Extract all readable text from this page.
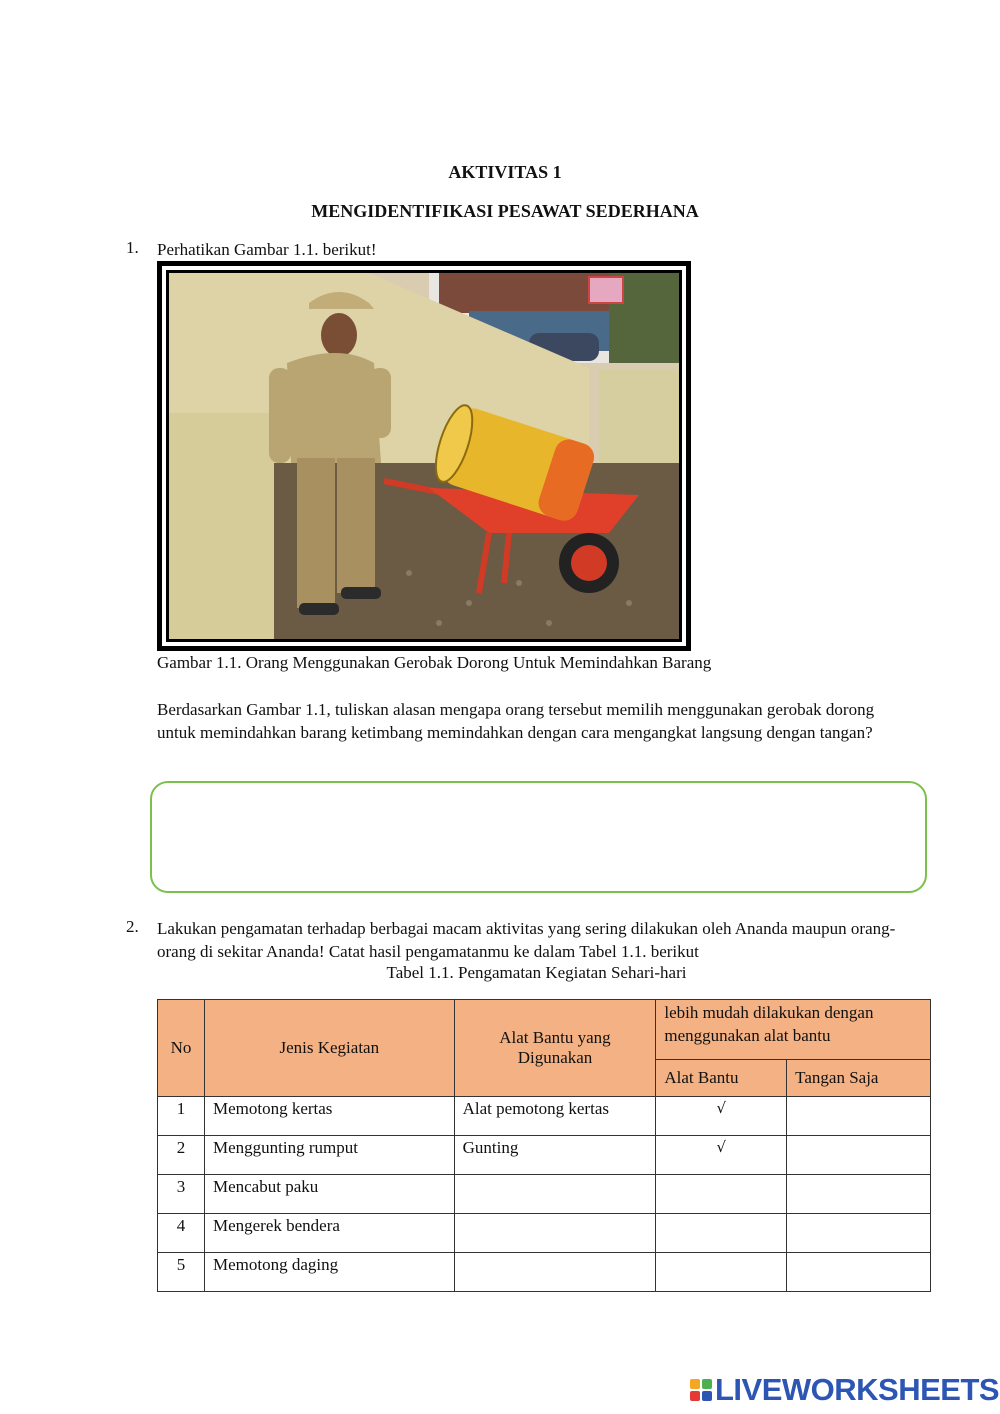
AKTIVITAS 1
MENGIDENTIFIKASI PESAWAT SEDERHANA
1. Perhatikan Gambar 1.1. berikut!
Gambar 1.1. Orang Menggunakan Gerobak Dorong Untuk Memindahkan Barang
Berdasarkan Gambar 1.1, tuliskan alasan mengapa orang tersebut memilih menggunakan gerobak dorong untuk memindahkan barang ketimbang memindahkan dengan cara mengangkat langsung dengan tangan?
2. Lakukan pengamatan terhadap berbagai macam aktivitas yang sering dilakukan oleh Ananda maupun orang-orang di sekitar Ananda! Catat hasil pengamatanmu ke dalam Tabel 1.1. berikut
Tabel 1.1. Pengamatan Kegiatan Sehari-hari
No	Jenis Kegiatan	Alat Bantu yang Digunakan	lebih mudah dilakukan dengan menggunakan alat bantu	
			Alat Bantu	Tangan Saja
1	Memotong kertas	Alat pemotong kertas	√	
2	Menggunting rumput	Gunting	√	
3	Mencabut paku			
4	Mengerek bendera			
5	Memotong daging			
LIVEWORKSHEETS
